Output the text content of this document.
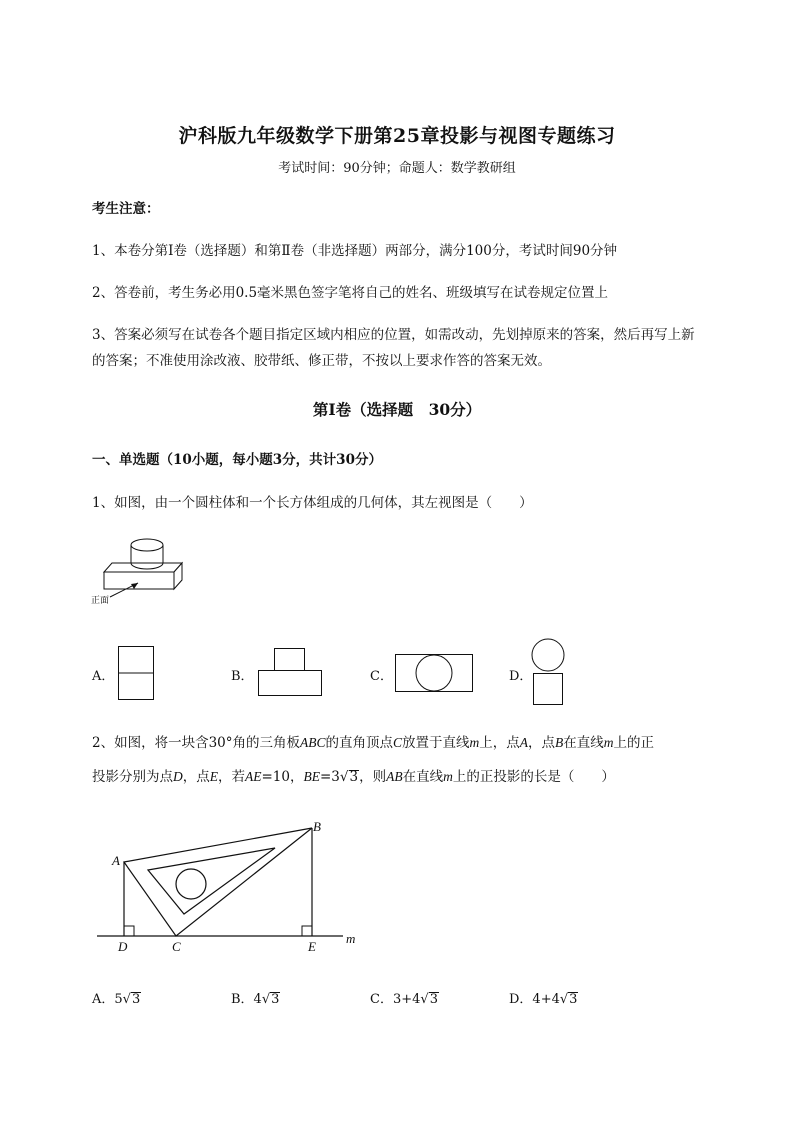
沪科版九年级数学下册第25章投影与视图专题练习
考试时间：90分钟；命题人：数学教研组
考生注意：
1、本卷分第I卷（选择题）和第Ⅱ卷（非选择题）两部分，满分100分，考试时间90分钟
2、答卷前，考生务必用0.5毫米黑色签字笔将自己的姓名、班级填写在试卷规定位置上
3、答案必须写在试卷各个题目指定区域内相应的位置，如需改动，先划掉原来的答案，然后再写上新
的答案；不准使用涂改液、胶带纸、修正带，不按以上要求作答的答案无效。
第I卷（选择题　30分）
一、单选题（10小题，每小题3分，共计30分）
1、如图，由一个圆柱体和一个长方体组成的几何体，其左视图是（　　）
正面
A．	B．	C．	D．
2、如图，将一块含30°角的三角板ABC的直角顶点C放置于直线m上，点A，点B在直线m上的正
投影分别为点D，点E，若AE=10，BE=3√3，则AB在直线m上的正投影的长是（　　）
A
B
C
D	E
m
A．5√3	B．4√3	C．3+4√3	D．4+4√3
